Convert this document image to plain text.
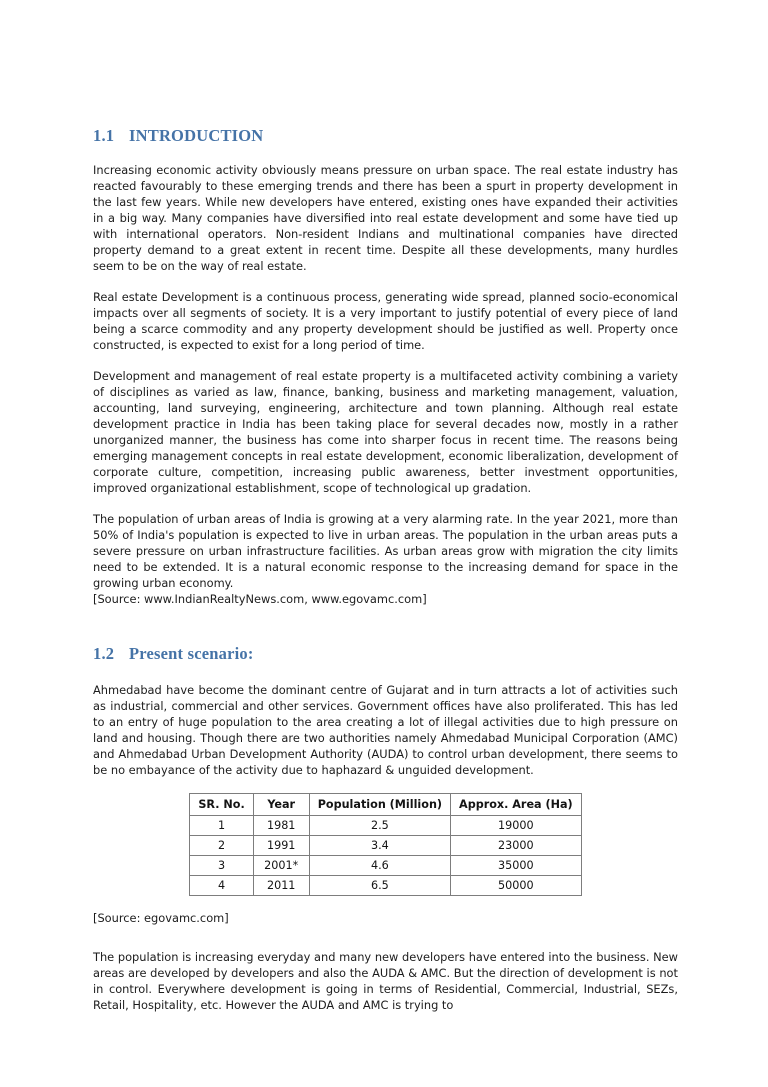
1.1 INTRODUCTION

Increasing economic activity obviously means pressure on urban space. The real estate industry has reacted favourably to these emerging trends and there has been a spurt in property development in the last few years. While new developers have entered, existing ones have expanded their activities in a big way. Many companies have diversified into real estate development and some have tied up with international operators. Non-resident Indians and multinational companies have directed property demand to a great extent in recent time. Despite all these developments, many hurdles seem to be on the way of real estate.

Real estate Development is a continuous process, generating wide spread, planned socio-economical impacts over all segments of society. It is a very important to justify potential of every piece of land being a scarce commodity and any property development should be justified as well. Property once constructed, is expected to exist for a long period of time.

Development and management of real estate property is a multifaceted activity combining a variety of disciplines as varied as law, finance, banking, business and marketing management, valuation, accounting, land surveying, engineering, architecture and town planning. Although real estate development practice in India has been taking place for several decades now, mostly in a rather unorganized manner, the business has come into sharper focus in recent time. The reasons being emerging management concepts in real estate development, economic liberalization, development of corporate culture, competition, increasing public awareness, better investment opportunities, improved organizational establishment, scope of technological up gradation.

The population of urban areas of India is growing at a very alarming rate. In the year 2021, more than 50% of India's population is expected to live in urban areas. The population in the urban areas puts a severe pressure on urban infrastructure facilities. As urban areas grow with migration the city limits need to be extended. It is a natural economic response to the increasing demand for space in the growing urban economy.

[Source: www.IndianRealtyNews.com, www.egovamc.com]

1.2 Present scenario:

Ahmedabad have become the dominant centre of Gujarat and in turn attracts a lot of activities such as industrial, commercial and other services. Government offices have also proliferated. This has led to an entry of huge population to the area creating a lot of illegal activities due to high pressure on land and housing. Though there are two authorities namely Ahmedabad Municipal Corporation (AMC) and Ahmedabad Urban Development Authority (AUDA) to control urban development, there seems to be no embayance of the activity due to haphazard & unguided development.

SR. No.	Year	Population (Million)	Approx. Area (Ha)
1	1981	2.5	19000
2	1991	3.4	23000
3	2001*	4.6	35000
4	2011	6.5	50000

[Source: egovamc.com]

The population is increasing everyday and many new developers have entered into the business. New areas are developed by developers and also the AUDA & AMC. But the direction of development is not in control. Everywhere development is going in terms of Residential, Commercial, Industrial, SEZs, Retail, Hospitality, etc. However the AUDA and AMC is trying to
